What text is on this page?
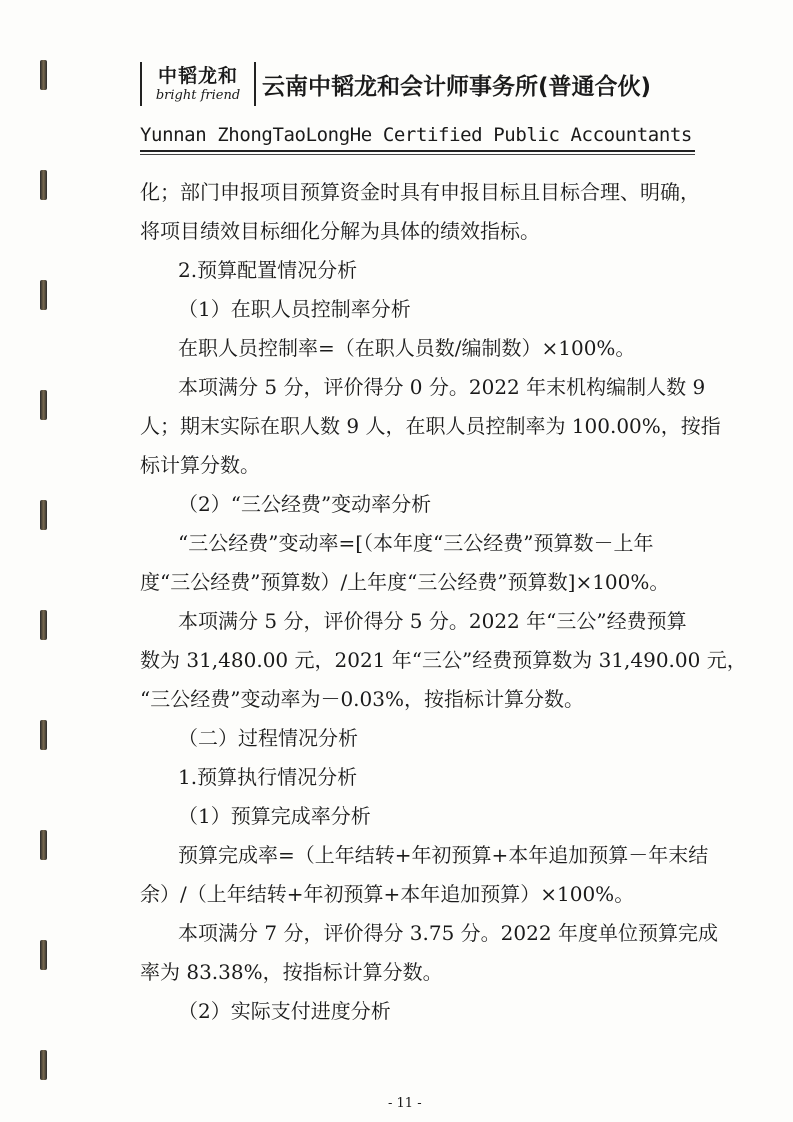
中韬龙和
bright friend 云南中韬龙和会计师事务所(普通合伙)
Yunnan ZhongTaoLongHe Certified Public Accountants
化；部门申报项目预算资金时具有申报目标且目标合理、明确，
将项目绩效目标细化分解为具体的绩效指标。
2.预算配置情况分析
（1）在职人员控制率分析
在职人员控制率=（在职人员数/编制数）×100%。
本项满分 5 分，评价得分 0 分。2022 年末机构编制人数 9
人；期末实际在职人数 9 人，在职人员控制率为 100.00%，按指
标计算分数。
（2）“三公经费”变动率分析
“三公经费”变动率=[（本年度“三公经费”预算数－上年
度“三公经费”预算数）/上年度“三公经费”预算数]×100%。
本项满分 5 分，评价得分 5 分。2022 年“三公”经费预算
数为 31,480.00 元，2021 年“三公”经费预算数为 31,490.00 元，
“三公经费”变动率为－0.03%，按指标计算分数。
（二）过程情况分析
1.预算执行情况分析
（1）预算完成率分析
预算完成率=（上年结转+年初预算+本年追加预算－年末结
余）/（上年结转+年初预算+本年追加预算）×100%。
本项满分 7 分，评价得分 3.75 分。2022 年度单位预算完成
率为 83.38%，按指标计算分数。
（2）实际支付进度分析
- 11 -
